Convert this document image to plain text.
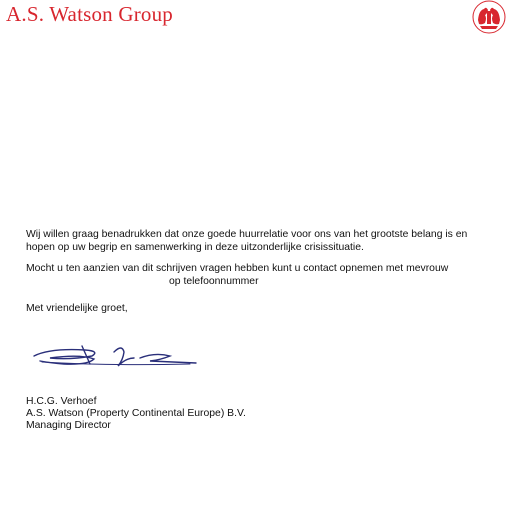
A.S. Watson Group
Wij willen graag benadrukken dat onze goede huurrelatie voor ons van het grootste belang is en
hopen op uw begrip en samenwerking in deze uitzonderlijke crisissituatie.
Mocht u ten aanzien van dit schrijven vragen hebben kunt u contact opnemen met mevrouw
op telefoonnummer
Met vriendelijke groet,
H.C.G. Verhoef
A.S. Watson (Property Continental Europe) B.V.
Managing Director
